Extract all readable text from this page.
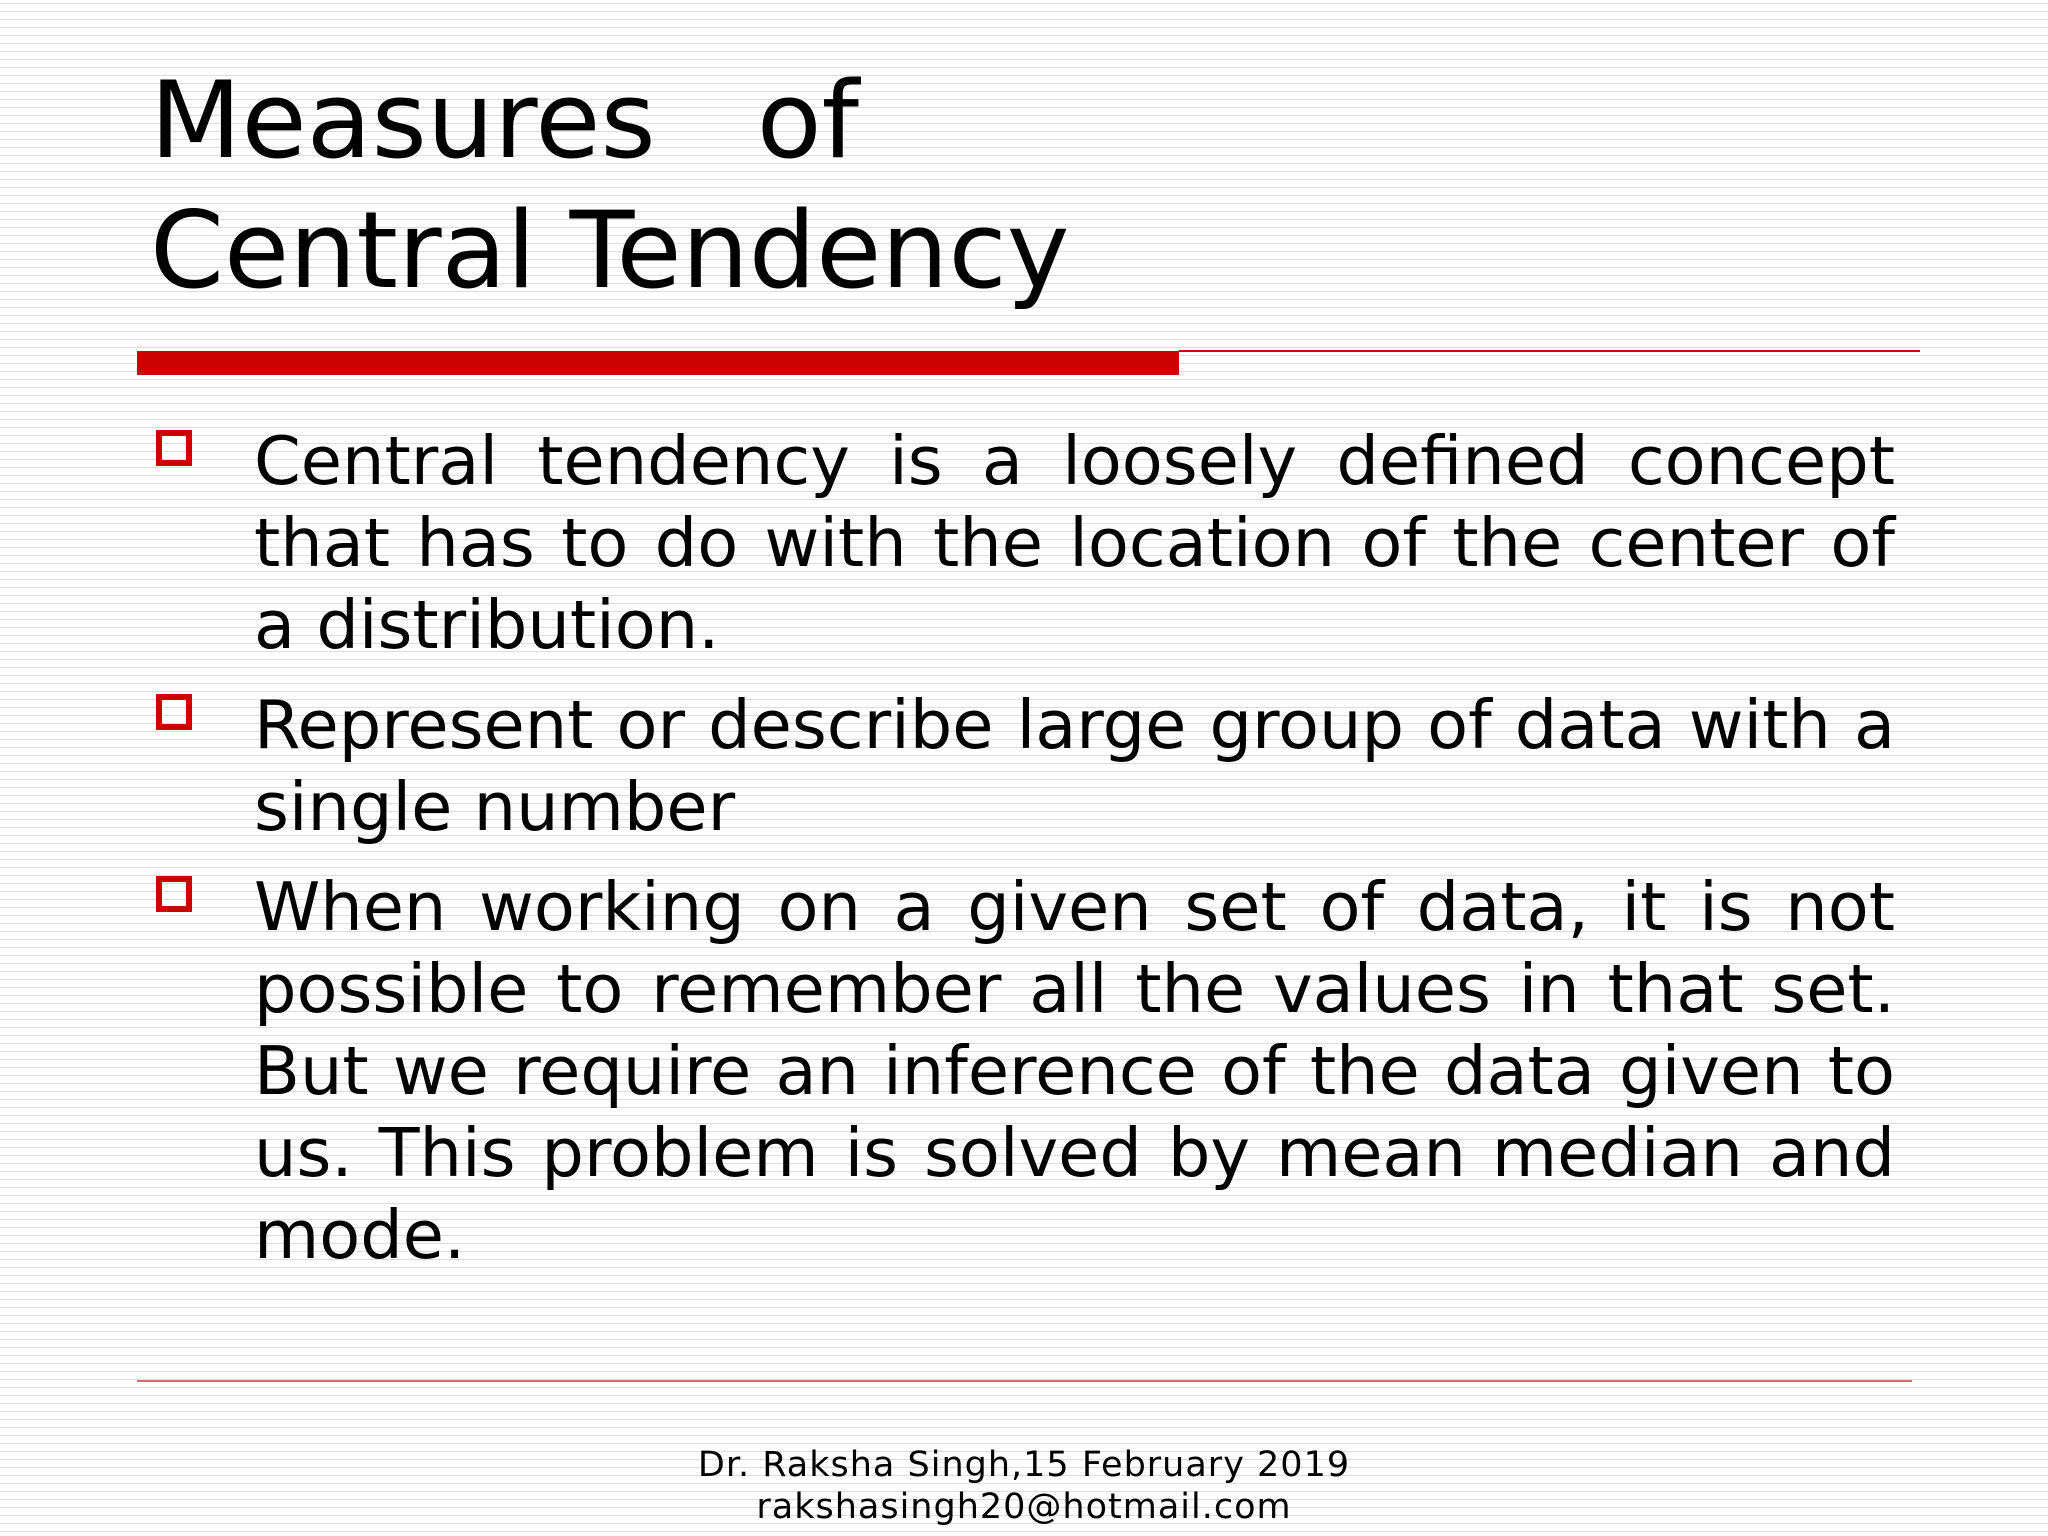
Measures   of
Central Tendency
Central tendency is a loosely defined concept that has to do with the location of the center of a distribution.
Represent or describe large group of data with a single number
When working on a given set of data, it is not possible to remember all the values in that set. But we require an inference of the data given to us. This problem is solved by mean median and mode.
Dr. Raksha Singh,15 February 2019
rakshasingh20@hotmail.com
